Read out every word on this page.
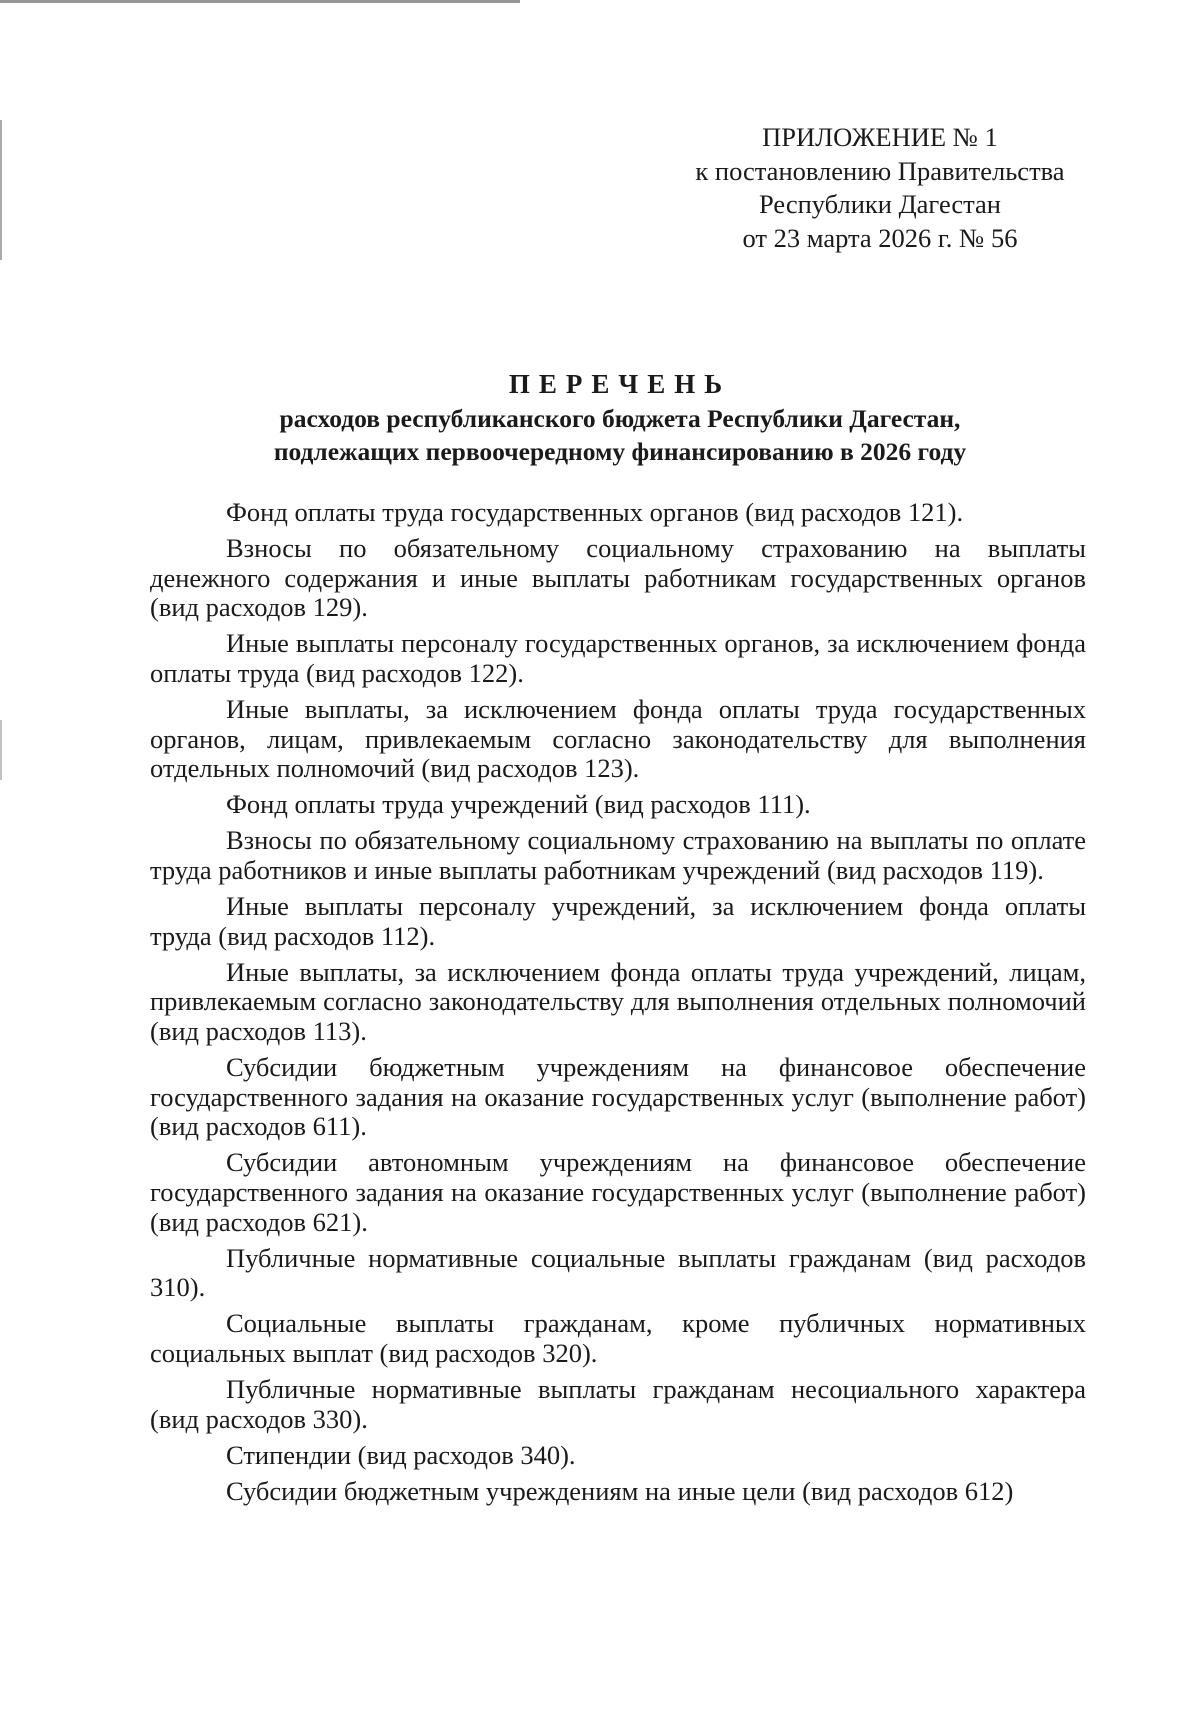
ПРИЛОЖЕНИЕ № 1
к постановлению Правительства
Республики Дагестан
от 23 марта 2026 г. № 56
ПЕРЕЧЕНЬ
расходов республиканского бюджета Республики Дагестан,
подлежащих первоочередному финансированию в 2026 году

Фонд оплаты труда государственных органов (вид расходов 121).

Взносы по обязательному социальному страхованию на выплаты денежного содержания и иные выплаты работникам государственных органов (вид расходов 129).

Иные выплаты персоналу государственных органов, за исключением фонда оплаты труда (вид расходов 122).

Иные выплаты, за исключением фонда оплаты труда государственных органов, лицам, привлекаемым согласно законодательству для выполнения отдельных полномочий (вид расходов 123).

Фонд оплаты труда учреждений (вид расходов 111).

Взносы по обязательному социальному страхованию на выплаты по оплате труда работников и иные выплаты работникам учреждений (вид расходов 119).

Иные выплаты персоналу учреждений, за исключением фонда оплаты труда (вид расходов 112).

Иные выплаты, за исключением фонда оплаты труда учреждений, лицам, привлекаемым согласно законодательству для выполнения отдельных полномочий (вид расходов 113).

Субсидии бюджетным учреждениям на финансовое обеспечение государственного задания на оказание государственных услуг (выполнение работ) (вид расходов 611).

Субсидии автономным учреждениям на финансовое обеспечение государственного задания на оказание государственных услуг (выполнение работ) (вид расходов 621).

Публичные нормативные социальные выплаты гражданам (вид расходов 310).

Социальные выплаты гражданам, кроме публичных нормативных социальных выплат (вид расходов 320).

Публичные нормативные выплаты гражданам несоциального характера (вид расходов 330).

Стипендии (вид расходов 340).

Субсидии бюджетным учреждениям на иные цели (вид расходов 612)
